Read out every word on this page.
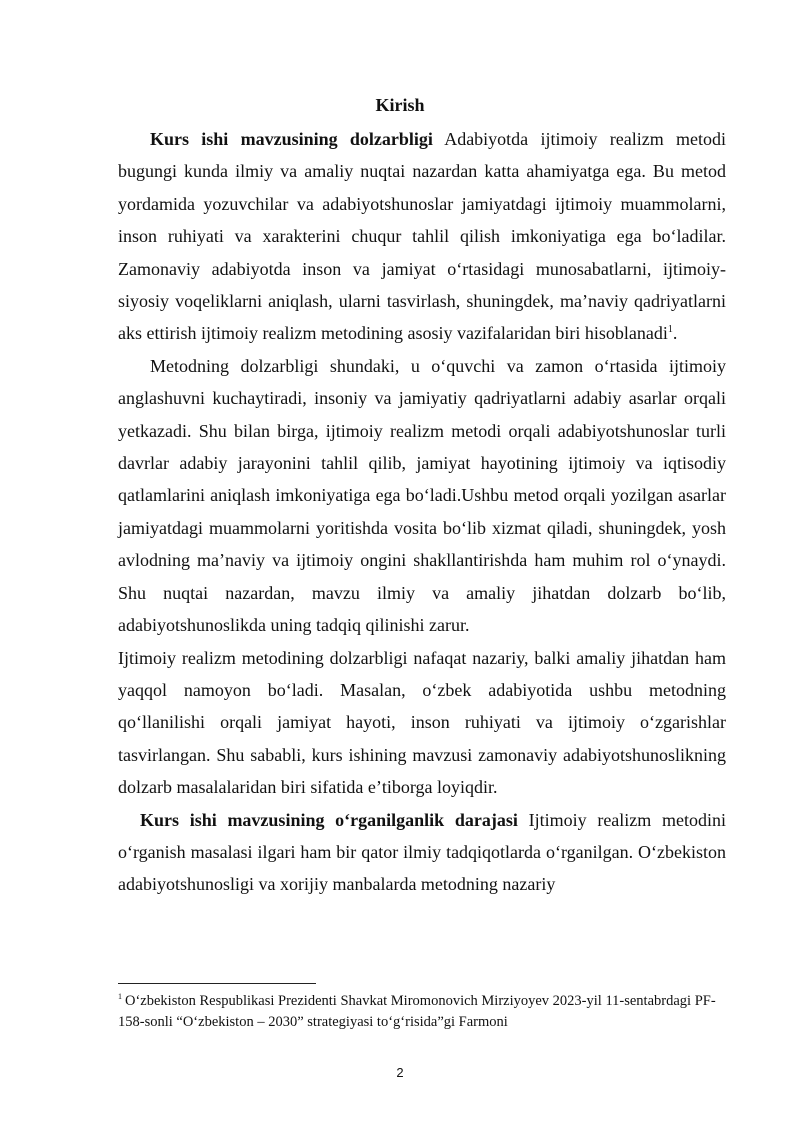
Kirish

Kurs ishi mavzusining dolzarbligi Adabiyotda ijtimoiy realizm metodi bugungi kunda ilmiy va amaliy nuqtai nazardan katta ahamiyatga ega. Bu metod yordamida yozuvchilar va adabiyotshunoslar jamiyatdagi ijtimoiy muammolarni, inson ruhiyati va xarakterini chuqur tahlil qilish imkoniyatiga ega boʻladilar. Zamonaviy adabiyotda inson va jamiyat oʻrtasidagi munosabatlarni, ijtimoiy-siyosiy voqeliklarni aniqlash, ularni tasvirlash, shuningdek, maʼnaviy qadriyatlarni aks ettirish ijtimoiy realizm metodining asosiy vazifalaridan biri hisoblanadi$^1$.

Metodning dolzarbligi shundaki, u oʻquvchi va zamon oʻrtasida ijtimoiy anglashuvni kuchaytiradi, insoniy va jamiyatiy qadriyatlarni adabiy asarlar orqali yetkazadi. Shu bilan birga, ijtimoiy realizm metodi orqali adabiyotshunoslar turli davrlar adabiy jarayonini tahlil qilib, jamiyat hayotining ijtimoiy va iqtisodiy qatlamlarini aniqlash imkoniyatiga ega boʻladi.Ushbu metod orqali yozilgan asarlar jamiyatdagi muammolarni yoritishda vosita boʻlib xizmat qiladi, shuningdek, yosh avlodning maʼnaviy va ijtimoiy ongini shakllantirishda ham muhim rol oʻynaydi. Shu nuqtai nazardan, mavzu ilmiy va amaliy jihatdan dolzarb boʻlib, adabiyotshunoslikda uning tadqiq qilinishi zarur.

Ijtimoiy realizm metodining dolzarbligi nafaqat nazariy, balki amaliy jihatdan ham yaqqol namoyon boʻladi. Masalan, oʻzbek adabiyotida ushbu metodning qoʻllanilishi orqali jamiyat hayoti, inson ruhiyati va ijtimoiy oʻzgarishlar tasvirlangan. Shu sababli, kurs ishining mavzusi zamonaviy adabiyotshunoslikning dolzarb masalalaridan biri sifatida eʼtiborga loyiqdir.

Kurs ishi mavzusining oʻrganilganlik darajasi Ijtimoiy realizm metodini oʻrganish masalasi ilgari ham bir qator ilmiy tadqiqotlarda oʻrganilgan. Oʻzbekiston adabiyotshunosligi va xorijiy manbalarda metodning nazariy

$^1$ Oʻzbekiston Respublikasi Prezidenti Shavkat Miromonovich Mirziyoyev 2023-yil 11-sentabrdagi PF-158-sonli “Oʻzbekiston – 2030” strategiyasi toʻgʻrisida”gi Farmoni
2
